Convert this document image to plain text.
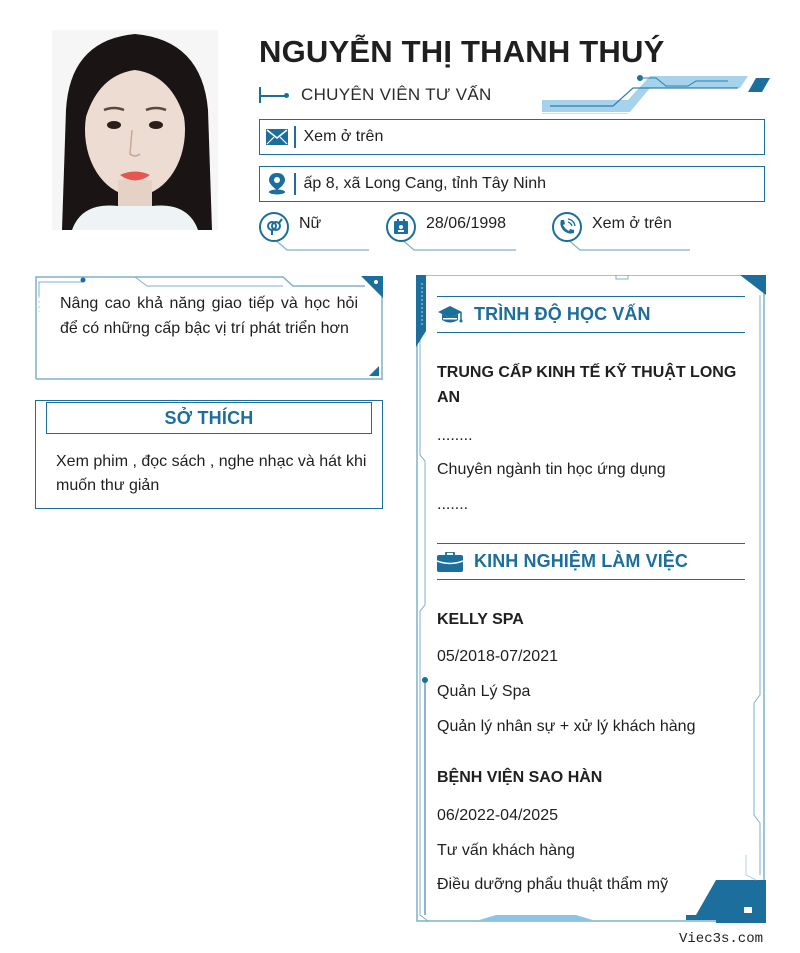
NGUYỄN THỊ THANH THUÝ
CHUYÊN VIÊN TƯ VẤN
Xem ở trên
ấp 8, xã Long Cang, tỉnh Tây Ninh
Nữ	28/06/1998	Xem ở trên
Nâng cao khả năng giao tiếp và học hỏi để có những cấp bậc vị trí phát triển hơn
SỞ THÍCH
Xem phim , đọc sách , nghe nhạc và hát khi muốn thư giản
TRÌNH ĐỘ HỌC VẤN
TRUNG CẤP KINH TẾ KỸ THUẬT LONG AN
........
Chuyên ngành tin học ứng dụng
.......
KINH NGHIỆM LÀM VIỆC
KELLY SPA
05/2018-07/2021
Quản Lý Spa
Quản lý nhân sự + xử lý khách hàng
BỆNH VIỆN SAO HÀN
06/2022-04/2025
Tư vấn khách hàng
Điều dưỡng phẩu thuật thẩm mỹ
Viec3s.com
